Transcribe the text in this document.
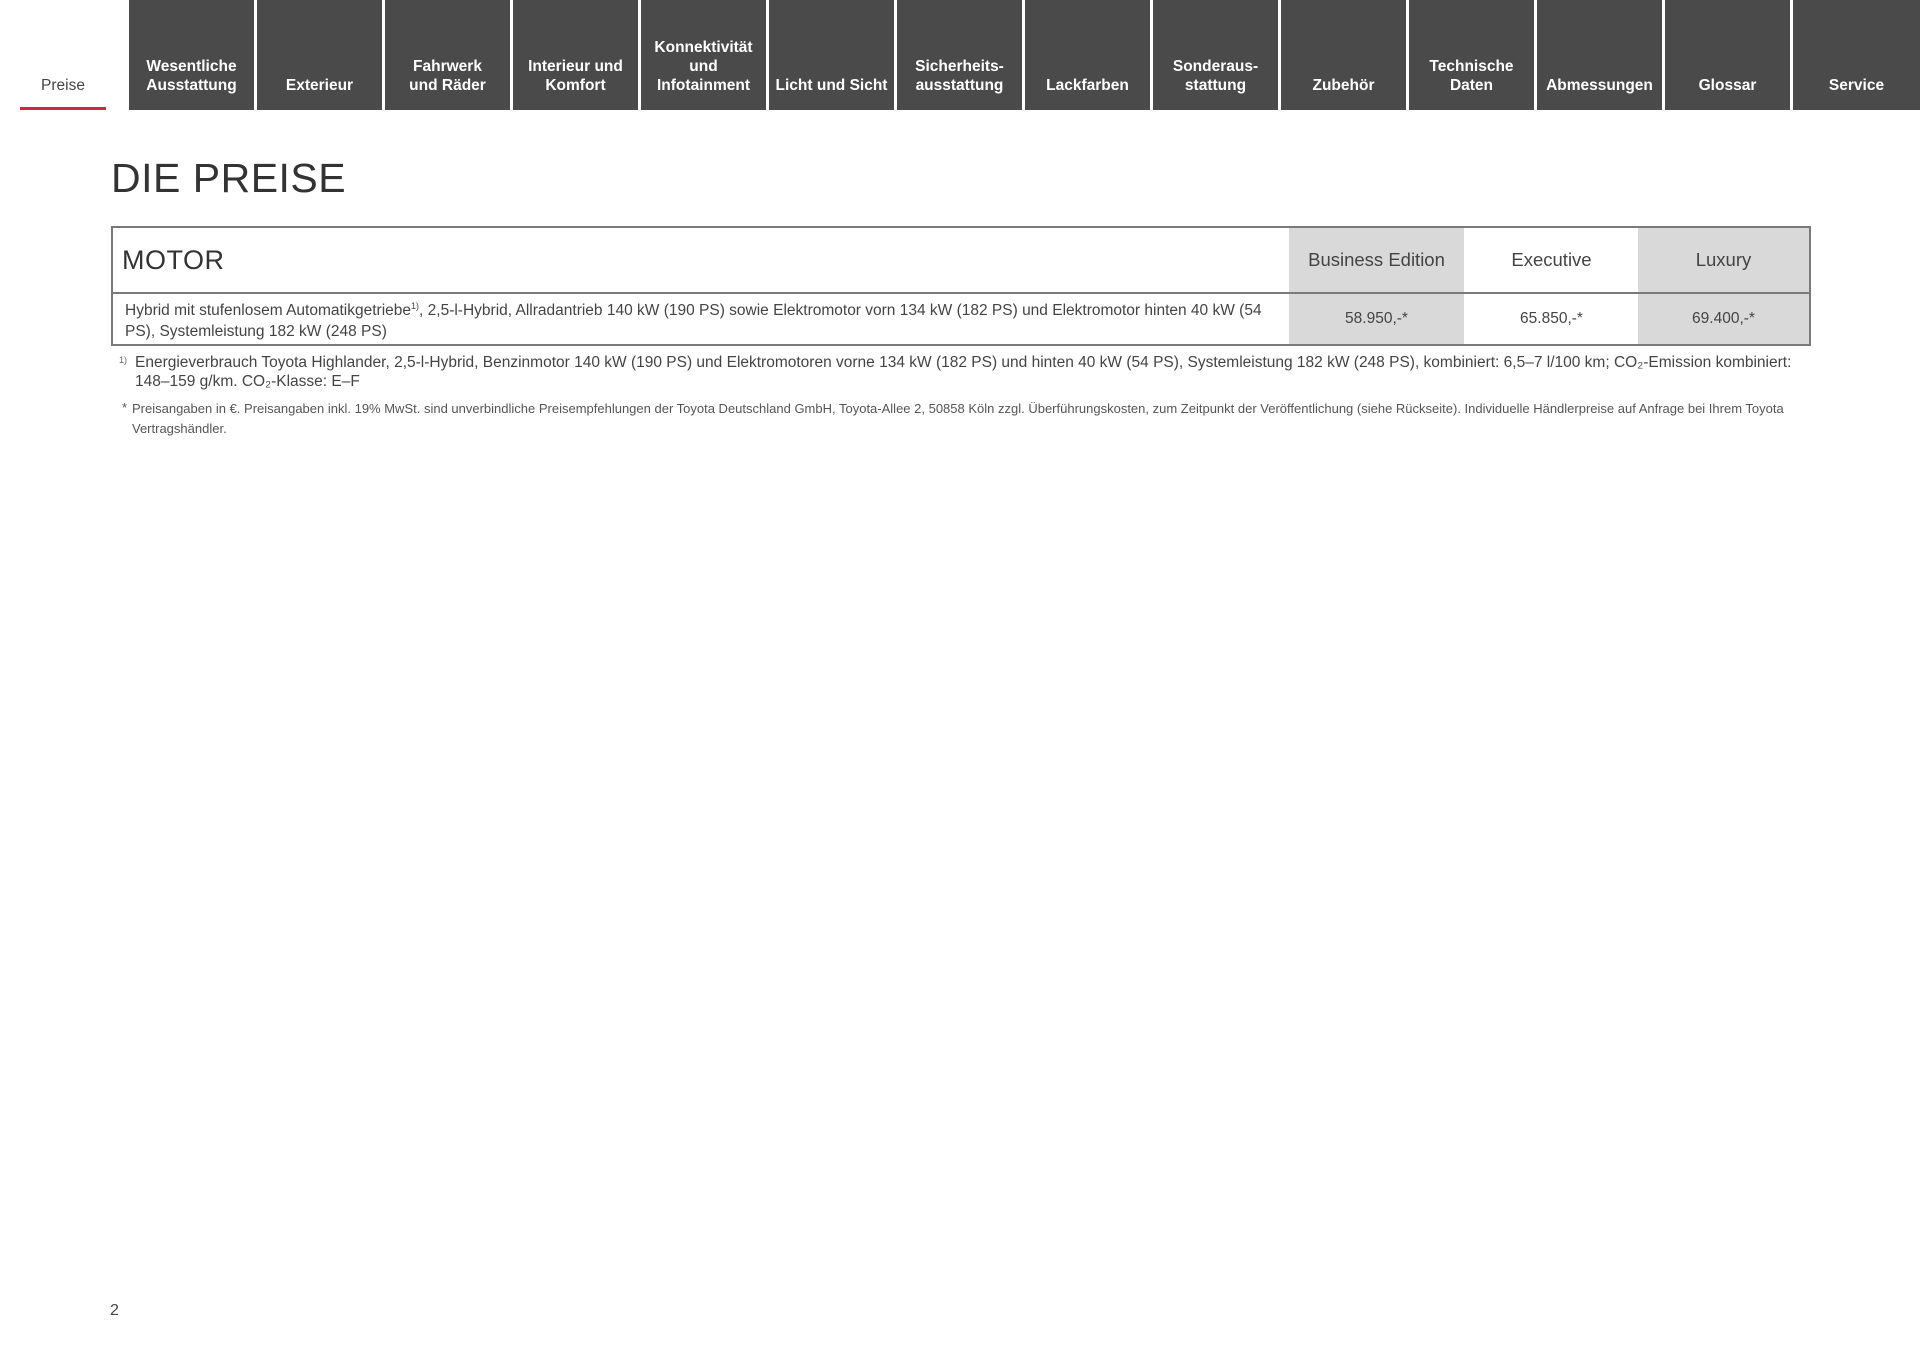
Preise
Wesentliche
Ausstattung	Exterieur
Fahrwerk
und Räder
Interieur und
Komfort
Konnektivität
und
Infotainment	Licht und Sicht
Sicherheits-
ausstattung	Lackfarben
Sonderaus-
stattung	Zubehör
Technische
Daten	Abmessungen	Glossar	Service
DIE PREISE
MOTOR	Business Edition	Executive	Luxury
Hybrid mit stufenlosem Automatikgetriebe$^{1)}$, 2,5-l-Hybrid, Allradantrieb 140 kW (190 PS) sowie Elektromotor vorn 134 kW (182 PS) und Elektromotor hinten 40 kW (54 PS), Systemleistung 182 kW (248 PS)
58.950,-*	65.850,-*	69.400,-*
1) Energieverbrauch Toyota Highlander, 2,5-l-Hybrid, Benzinmotor 140 kW (190 PS) und Elektromotoren vorne 134 kW (182 PS) und hinten 40 kW (54 PS), Systemleistung 182 kW (248 PS), kombiniert: 6,5–7 l/100 km; CO₂-Emission kombiniert: 148–159 g/km. CO₂-Klasse: E–F
* Preisangaben in €. Preisangaben inkl. 19% MwSt. sind unverbindliche Preisempfehlungen der Toyota Deutschland GmbH, Toyota-Allee 2, 50858 Köln zzgl. Überführungskosten, zum Zeitpunkt der Veröffentlichung (siehe Rückseite). Individuelle Händlerpreise auf Anfrage bei Ihrem Toyota Vertragshändler.
2
